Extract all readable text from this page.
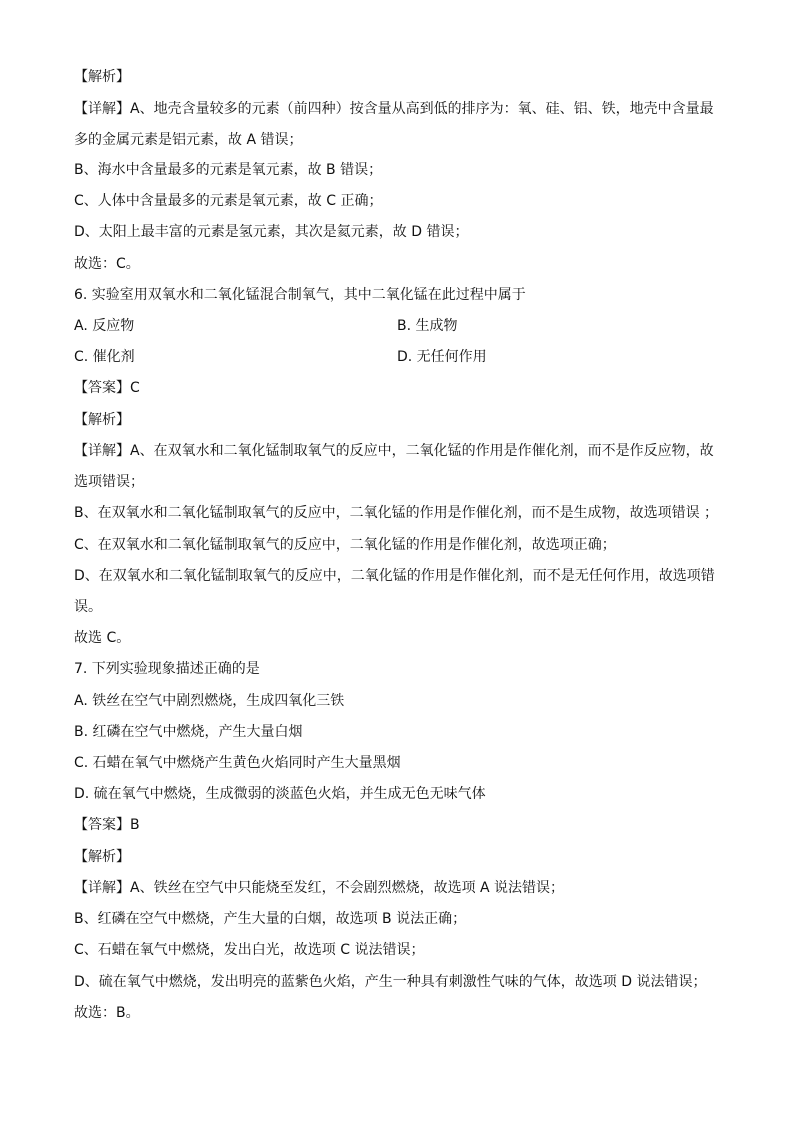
【解析】
【详解】A、地壳含量较多的元素（前四种）按含量从高到低的排序为：氧、硅、铝、铁，地壳中含量最
多的金属元素是铝元素，故 A 错误；
B、海水中含量最多的元素是氧元素，故 B 错误；
C、人体中含量最多的元素是氧元素，故 C 正确；
D、太阳上最丰富的元素是氢元素，其次是氦元素，故 D 错误；
故选：C。
6. 实验室用双氧水和二氧化锰混合制氧气，其中二氧化锰在此过程中属于
A. 反应物	B. 生成物
C. 催化剂	D. 无任何作用
【答案】C
【解析】
【详解】A、在双氧水和二氧化锰制取氧气的反应中，二氧化锰的作用是作催化剂，而不是作反应物，故
选项错误；
B、在双氧水和二氧化锰制取氧气的反应中，二氧化锰的作用是作催化剂，而不是生成物，故选项错误 ；
C、在双氧水和二氧化锰制取氧气的反应中，二氧化锰的作用是作催化剂，故选项正确；
D、在双氧水和二氧化锰制取氧气的反应中，二氧化锰的作用是作催化剂，而不是无任何作用，故选项错
误。
故选 C。
7. 下列实验现象描述正确的是
A. 铁丝在空气中剧烈燃烧，生成四氧化三铁
B. 红磷在空气中燃烧，产生大量白烟
C. 石蜡在氧气中燃烧产生黄色火焰同时产生大量黑烟
D. 硫在氧气中燃烧，生成微弱的淡蓝色火焰，并生成无色无味气体
【答案】B
【解析】
【详解】A、铁丝在空气中只能烧至发红，不会剧烈燃烧，故选项 A 说法错误；
B、红磷在空气中燃烧，产生大量的白烟，故选项 B 说法正确；
C、石蜡在氧气中燃烧，发出白光，故选项 C 说法错误；
D、硫在氧气中燃烧，发出明亮的蓝紫色火焰，产生一种具有刺激性气味的气体，故选项 D 说法错误；
故选：B。
